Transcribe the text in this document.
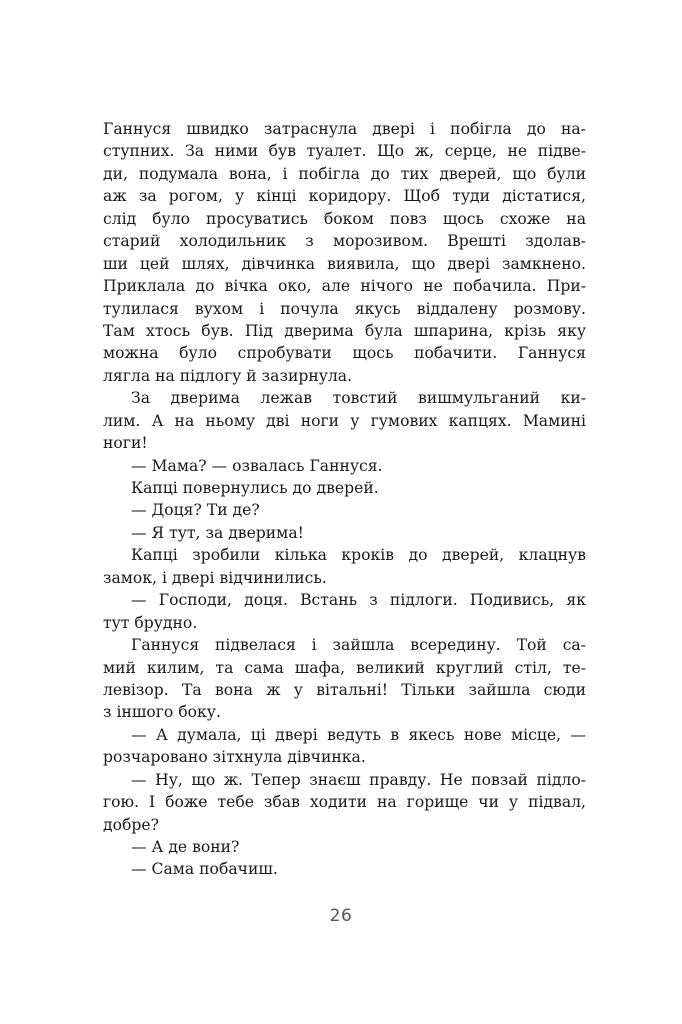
Ганнуся швидко затраснула двері і побігла до на-
ступних. За ними був туалет. Що ж, серце, не підве-
ди, подумала вона, і побігла до тих дверей, що були
аж за рогом, у кінці коридору. Щоб туди дістатися,
слід було просуватись боком повз щось схоже на
старий холодильник з морозивом. Врешті здолав-
ши цей шлях, дівчинка виявила, що двері замкнено.
Приклала до вічка око, але нічого не побачила. При-
тулилася вухом і почула якусь віддалену розмову.
Там хтось був. Під дверима була шпарина, крізь яку
можна було спробувати щось побачити. Ганнуся
лягла на підлогу й зазирнула.
За дверима лежав товстий вишмульганий ки-
лим. А на ньому дві ноги у гумових капцях. Мамині
ноги!
— Мама? — озвалась Ганнуся.
Капці повернулись до дверей.
— Доця? Ти де?
— Я тут, за дверима!
Капці зробили кілька кроків до дверей, клацнув
замок, і двері відчинились.
— Господи, доця. Встань з підлоги. Подивись, як
тут брудно.
Ганнуся підвелася і зайшла всередину. Той са-
мий килим, та сама шафа, великий круглий стіл, те-
левізор. Та вона ж у вітальні! Тільки зайшла сюди
з іншого боку.
— А думала, ці двері ведуть в якесь нове місце, —
розчаровано зітхнула дівчинка.
— Ну, що ж. Тепер знаєш правду. Не повзай підло-
гою. І боже тебе збав ходити на горище чи у підвал,
добре?
— А де вони?
— Сама побачиш.
26
